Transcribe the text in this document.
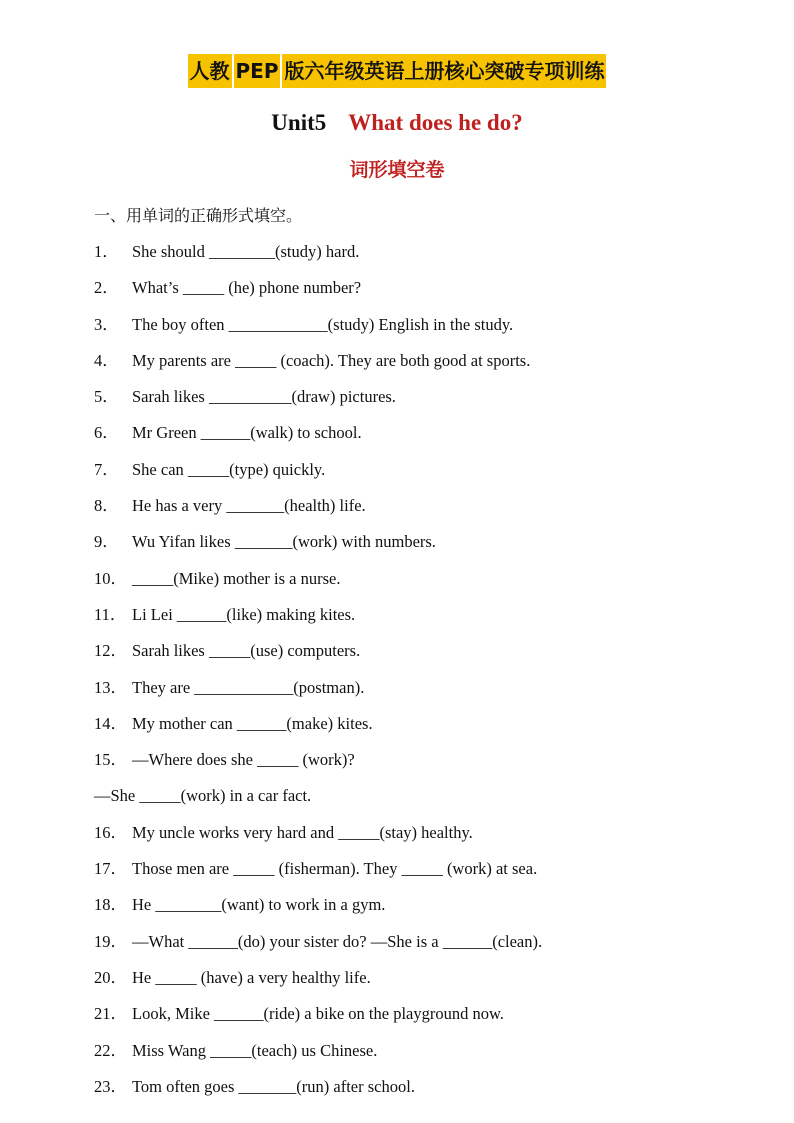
人教 PEP 版六年级英语上册核心突破专项训练
Unit5 What does he do?
词形填空卷
一、用单词的正确形式填空。
1． She should ________(study) hard.
2． What’s _____ (he) phone number?
3． The boy often ____________(study) English in the study.
4． My parents are _____ (coach). They are both good at sports.
5． Sarah likes __________(draw) pictures.
6． Mr Green ______(walk) to school.
7． She can _____(type) quickly.
8． He has a very _______(health) life.
9． Wu Yifan likes _______(work) with numbers.
10． _____(Mike) mother is a nurse.
11． Li Lei ______(like) making kites.
12． Sarah likes _____(use) computers.
13． They are ____________(postman).
14． My mother can ______(make) kites.
15． —Where does she _____ (work)?
—She _____(work) in a car fact.
16． My uncle works very hard and _____(stay) healthy.
17． Those men are _____ (fisherman). They _____ (work) at sea.
18． He ________(want) to work in a gym.
19． —What ______(do) your sister do? —She is a ______(clean).
20． He _____ (have) a very healthy life.
21． Look, Mike ______(ride) a bike on the playground now.
22． Miss Wang _____(teach) us Chinese.
23． Tom often goes _______(run) after school.
